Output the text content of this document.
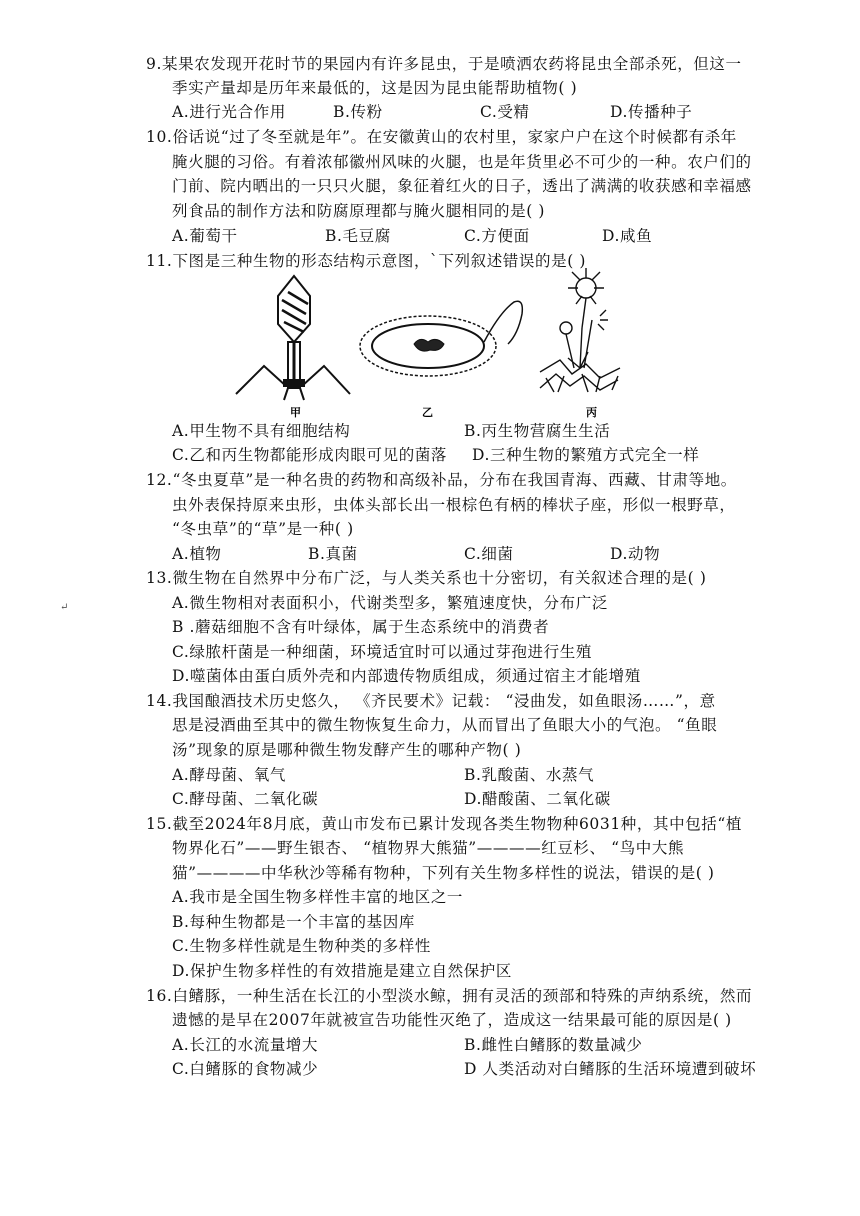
9.某果农发现开花时节的果园内有许多昆虫，于是喷洒农药将昆虫全部杀死，但这一
季实产量却是历年来最低的，这是因为昆虫能帮助植物( )
A.进行光合作用	B.传粉	C.受精	D.传播种子
10.俗话说“过了冬至就是年”。在安徽黄山的农村里，家家户户在这个时候都有杀年
腌火腿的习俗。有着浓郁徽州风味的火腿，也是年货里必不可少的一种。农户们的
门前、院内晒出的一只只火腿，象征着红火的日子，透出了满满的收获感和幸福感
列食品的制作方法和防腐原理都与腌火腿相同的是( )
A.葡萄干	B.毛豆腐	C.方便面	D.咸鱼
11.下图是三种生物的形态结构示意图，`下列叙述错误的是( )
甲	乙	丙
A.甲生物不具有细胞结构	B.丙生物营腐生生活
C.乙和丙生物都能形成肉眼可见的菌落 D.三种生物的繁殖方式完全一样
12.“冬虫夏草”是一种名贵的药物和高级补品，分布在我国青海、西藏、甘肃等地。
虫外表保持原来虫形，虫体头部长出一根棕色有柄的棒状子座，形似一根野草，
“冬虫草”的“草”是一种( )
A.植物	B.真菌	C.细菌	D.动物
13.微生物在自然界中分布广泛，与人类关系也十分密切，有关叙述合理的是( )
↵	A.微生物相对表面积小，代谢类型多，繁殖速度快，分布广泛
B .蘑菇细胞不含有叶绿体，属于生态系统中的消费者
C.绿脓杆菌是一种细菌，环境适宜时可以通过芽孢进行生殖
D.噬菌体由蛋白质外壳和内部遗传物质组成，须通过宿主才能增殖
14.我国酿酒技术历史悠久， 《齐民要术》记载： “浸曲发，如鱼眼汤……”，意
思是浸酒曲至其中的微生物恢复生命力，从而冒出了鱼眼大小的气泡。 “鱼眼
汤”现象的原是哪种微生物发酵产生的哪种产物( )
A.酵母菌、氧气	B.乳酸菌、水蒸气
C.酵母菌、二氧化碳	D.醋酸菌、二氧化碳
15.截至2024年8月底，黄山市发布已累计发现各类生物物种6031种，其中包括“植
物界化石”——野生银杏、 “植物界大熊猫”————红豆杉、 “鸟中大熊
猫”————中华秋沙等稀有物种，下列有关生物多样性的说法，错误的是( )
A.我市是全国生物多样性丰富的地区之一
B.每种生物都是一个丰富的基因库
C.生物多样性就是生物种类的多样性
D.保护生物多样性的有效措施是建立自然保护区
16.白鳍豚，一种生活在长江的小型淡水鲸，拥有灵活的颈部和特殊的声纳系统，然而
遗憾的是早在2007年就被宣告功能性灭绝了，造成这一结果最可能的原因是( )
A.长江的水流量增大	B.雌性白鳍豚的数量减少
C.白鳍豚的食物减少	D 人类活动对白鳍豚的生活环境遭到破坏
